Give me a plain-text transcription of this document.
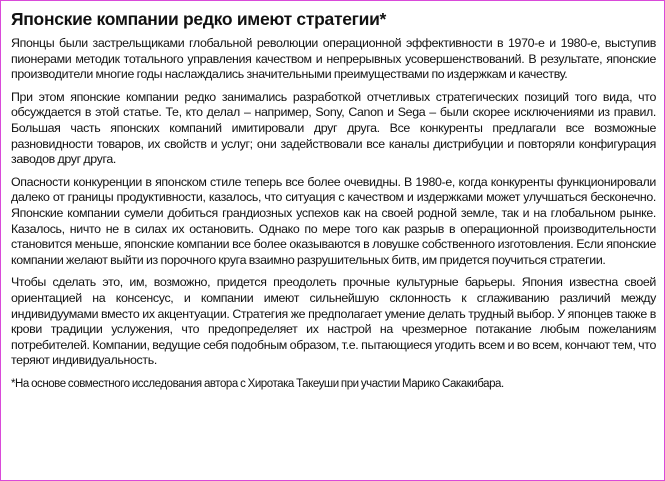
Японские компании редко имеют стратегии*

Японцы были застрельщиками глобальной революции операционной эффективности в 1970-е и 1980-е, выступив пионерами методик тотального управления качеством и непрерывных усовершенствований. В результате, японские производители многие годы наслаждались значительными преимуществами по издержкам и качеству.

При этом японские компании редко занимались разработкой отчетливых стратегических позиций того вида, что обсуждается в этой статье. Те, кто делал – например, Sony, Canon и Sega – были скорее исключениями из правил. Большая часть японских компаний имитировали друг друга. Все конкуренты предлагали все возможные разновидности товаров, их свойств и услуг; они задействовали все каналы дистрибуции и повторяли конфигурация заводов друг друга.

Опасности конкуренции в японском стиле теперь все более очевидны. В 1980-е, когда конкуренты функционировали далеко от границы продуктивности, казалось, что ситуация с качеством и издержками может улучшаться бесконечно. Японские компании сумели добиться грандиозных успехов как на своей родной земле, так и на глобальном рынке. Казалось, ничто не в силах их остановить. Однако по мере того как разрыв в операционной производительности становится меньше, японские компании все более оказываются в ловушке собственного изготовления. Если японские компании желают выйти из порочного круга взаимно разрушительных битв, им придется поучиться стратегии.

Чтобы сделать это, им, возможно, придется преодолеть прочные культурные барьеры. Япония известна своей ориентацией на консенсус, и компании имеют сильнейшую склонность к сглаживанию различий между индивидуумами вместо их акцентуации. Стратегия же предполагает умение делать трудный выбор. У японцев также в крови традиции услужения, что предопределяет их настрой на чрезмерное потакание любым пожеланиям потребителей. Компании, ведущие себя подобным образом, т.е. пытающиеся угодить всем и во всем, кончают тем, что теряют индивидуальность.

*На основе совместного исследования автора с Хиротака Такеуши при участии Марико Сакакибара.
